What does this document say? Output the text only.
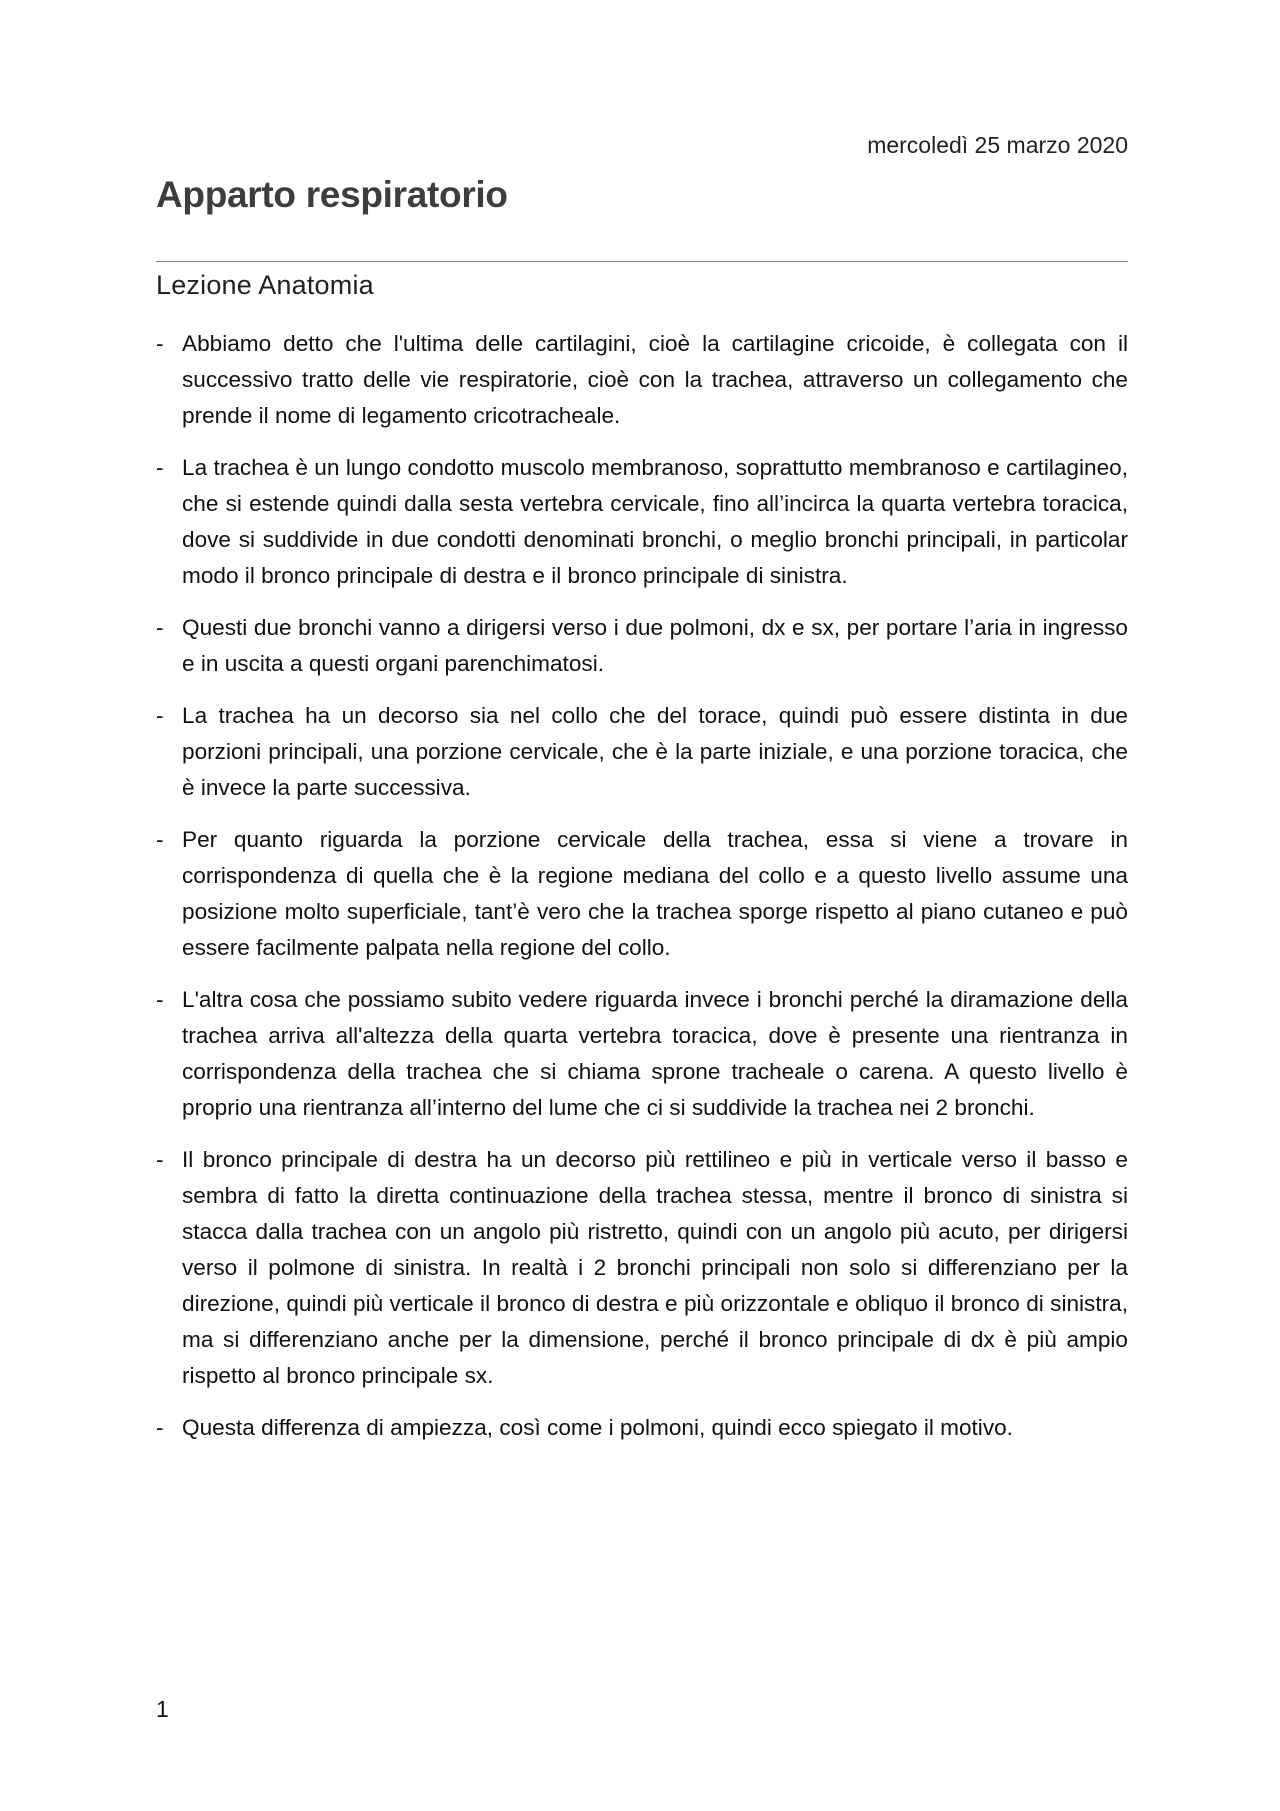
mercoledì 25 marzo 2020
Apparto respiratorio
Lezione Anatomia
- Abbiamo detto che l'ultima delle cartilagini, cioè la cartilagine cricoide, è collegata con il successivo tratto delle vie respiratorie, cioè con la trachea, attraverso un collegamento che prende il nome di legamento cricotracheale.
- La trachea è un lungo condotto muscolo membranoso, soprattutto membranoso e cartilagineo, che si estende quindi dalla sesta vertebra cervicale, fino all’incirca la quarta vertebra toracica, dove si suddivide in due condotti denominati bronchi, o meglio bronchi principali, in particolar modo il bronco principale di destra e il bronco principale di sinistra.
- Questi due bronchi vanno a dirigersi verso i due polmoni, dx e sx, per portare l’aria in ingresso e in uscita a questi organi parenchimatosi.
- La trachea ha un decorso sia nel collo che del torace, quindi può essere distinta in due porzioni principali, una porzione cervicale, che è la parte iniziale, e una porzione toracica, che è invece la parte successiva.
- Per quanto riguarda la porzione cervicale della trachea, essa si viene a trovare in corrispondenza di quella che è la regione mediana del collo e a questo livello assume una posizione molto superficiale, tant’è vero che la trachea sporge rispetto al piano cutaneo e può essere facilmente palpata nella regione del collo.
- L'altra cosa che possiamo subito vedere riguarda invece i bronchi perché la diramazione della trachea arriva all'altezza della quarta vertebra toracica, dove è presente una rientranza in corrispondenza della trachea che si chiama sprone tracheale o carena. A questo livello è proprio una rientranza all’interno del lume che ci si suddivide la trachea nei 2 bronchi.
- Il bronco principale di destra ha un decorso più rettilineo e più in verticale verso il basso e sembra di fatto la diretta continuazione della trachea stessa, mentre il bronco di sinistra si stacca dalla trachea con un angolo più ristretto, quindi con un angolo più acuto, per dirigersi verso il polmone di sinistra. In realtà i 2 bronchi principali non solo si differenziano per la direzione, quindi più verticale il bronco di destra e più orizzontale e obliquo il bronco di sinistra, ma si differenziano anche per la dimensione, perché il bronco principale di dx è più ampio rispetto al bronco principale sx.
- Questa differenza di ampiezza, così come i polmoni, quindi ecco spiegato il motivo.
1
